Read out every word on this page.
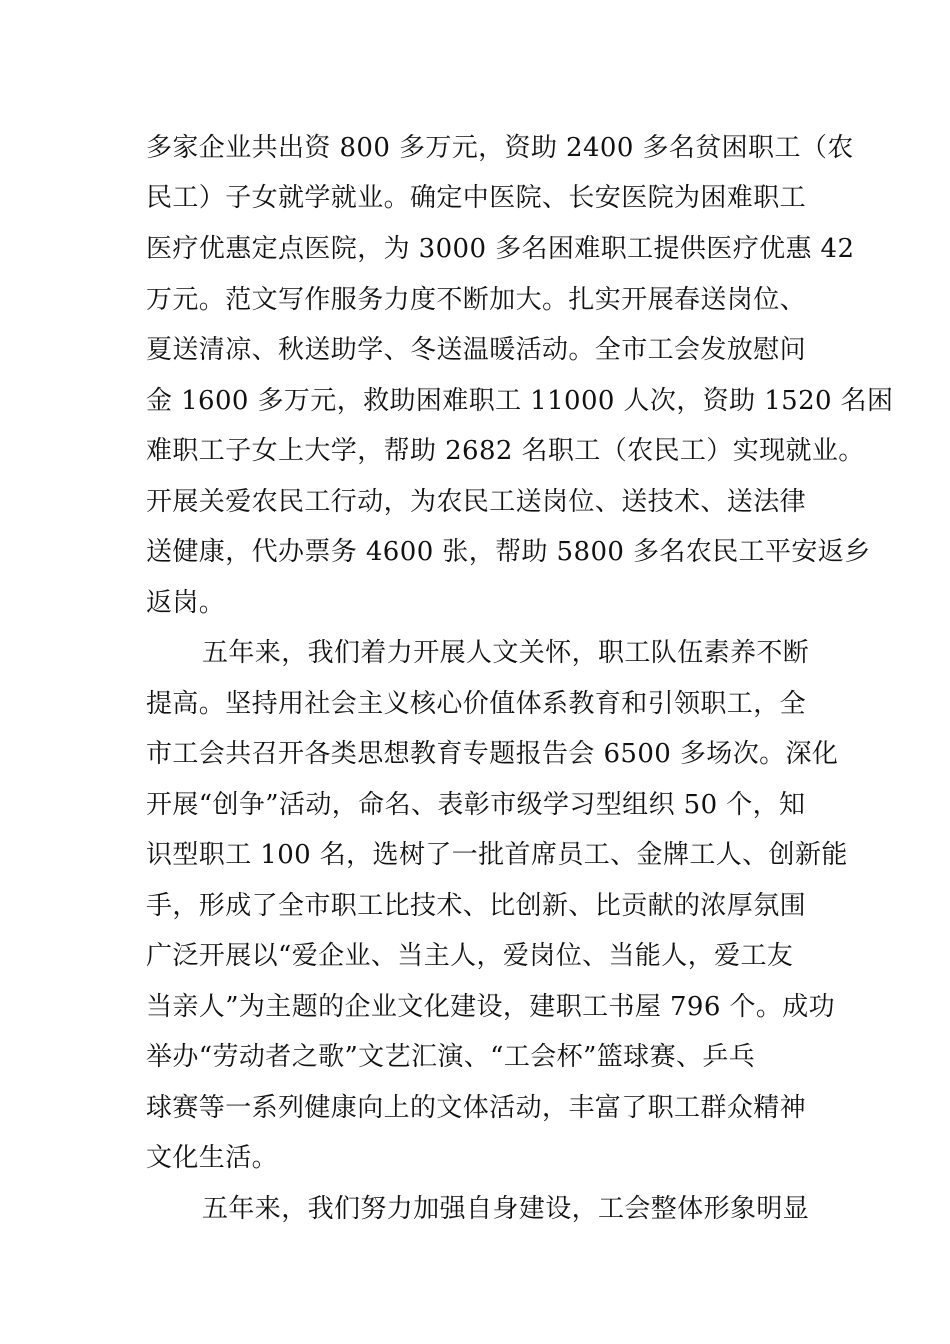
多家企业共出资 800 多万元，资助 2400 多名贫困职工（农
民工）子女就学就业。确定中医院、长安医院为困难职工
医疗优惠定点医院，为 3000 多名困难职工提供医疗优惠 42
万元。范文写作服务力度不断加大。扎实开展春送岗位、
夏送清凉、秋送助学、冬送温暖活动。全市工会发放慰问
金 1600 多万元，救助困难职工 11000 人次，资助 1520 名困
难职工子女上大学，帮助 2682 名职工（农民工）实现就业。
开展关爱农民工行动，为农民工送岗位、送技术、送法律
送健康，代办票务 4600 张，帮助 5800 多名农民工平安返乡
返岗。
五年来，我们着力开展人文关怀，职工队伍素养不断
提高。坚持用社会主义核心价值体系教育和引领职工，全
市工会共召开各类思想教育专题报告会 6500 多场次。深化
开展“创争”活动，命名、表彰市级学习型组织 50 个，知
识型职工 100 名，选树了一批首席员工、金牌工人、创新能
手，形成了全市职工比技术、比创新、比贡献的浓厚氛围
广泛开展以“爱企业、当主人，爱岗位、当能人，爱工友
当亲人”为主题的企业文化建设，建职工书屋 796 个。成功
举办“劳动者之歌”文艺汇演、“工会杯”篮球赛、乒乓
球赛等一系列健康向上的文体活动，丰富了职工群众精神
文化生活。
五年来，我们努力加强自身建设，工会整体形象明显
